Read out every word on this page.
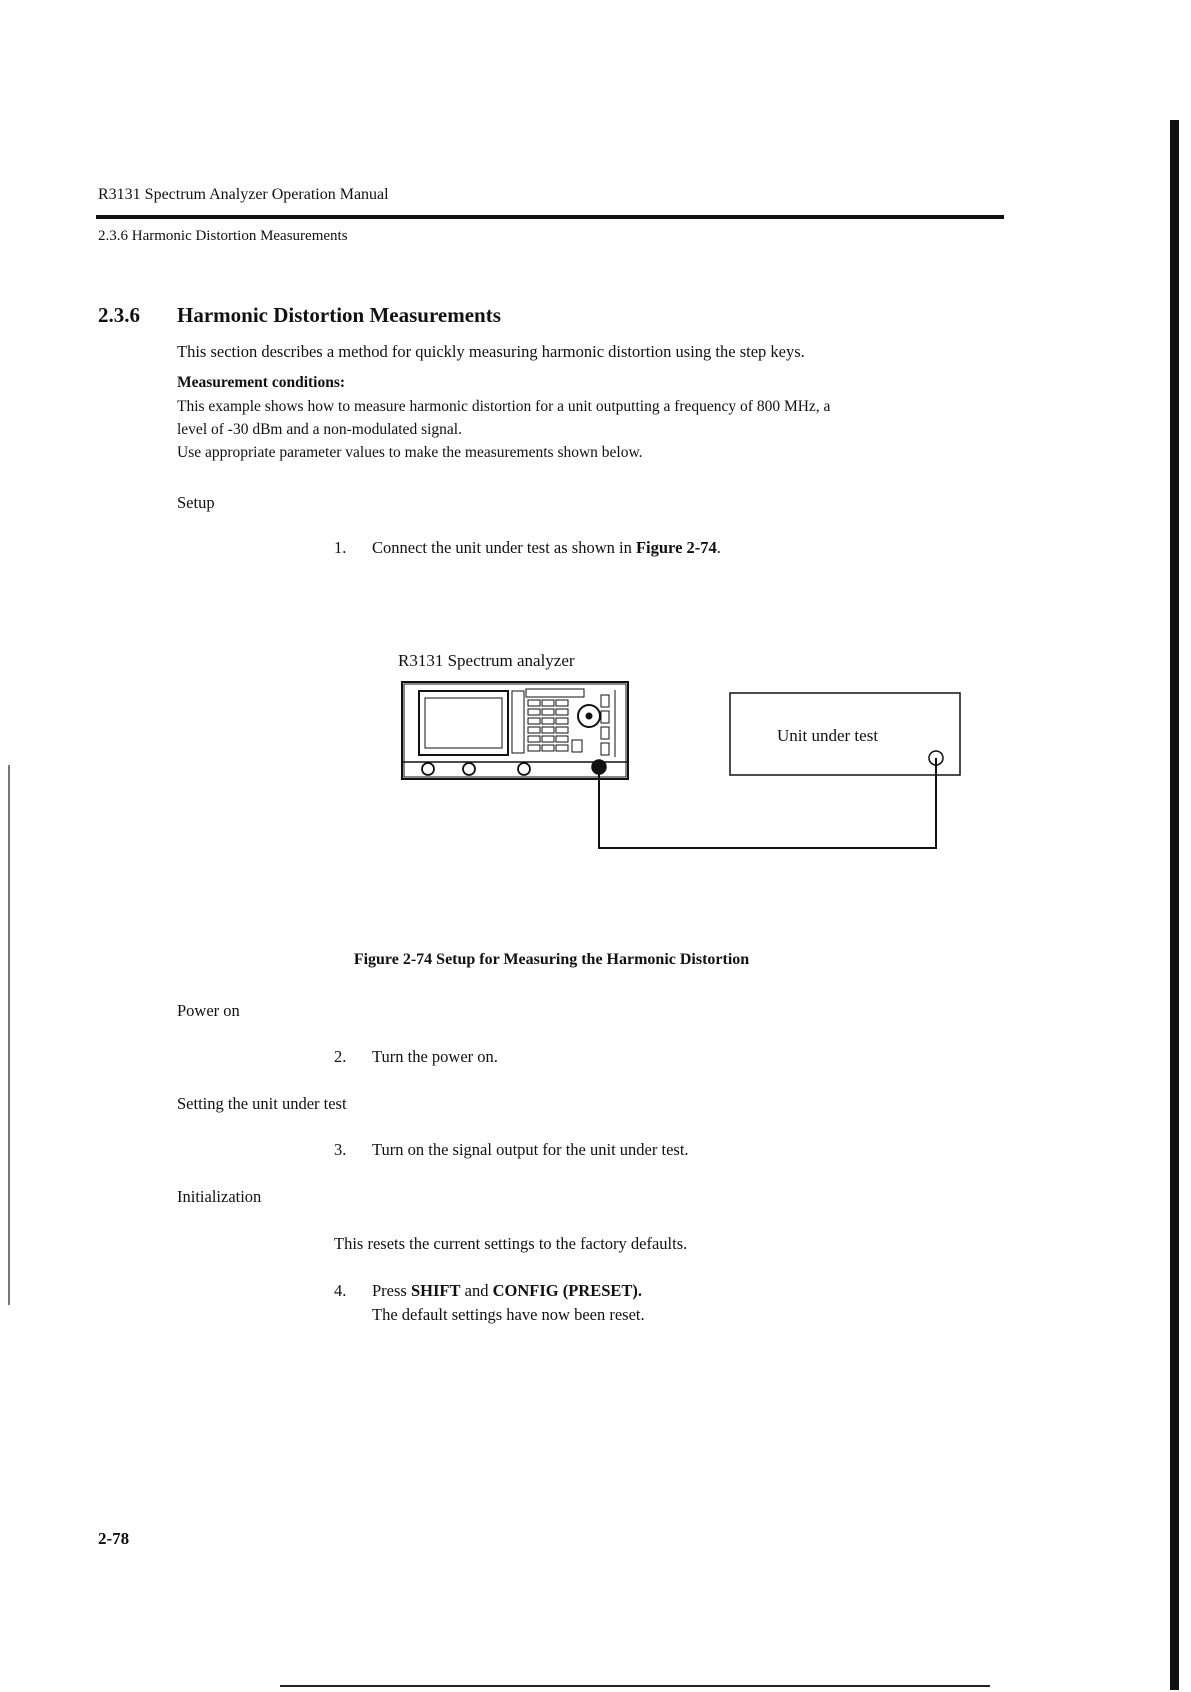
R3131 Spectrum Analyzer Operation Manual
2.3.6 Harmonic Distortion Measurements
2.3.6 Harmonic Distortion Measurements
This section describes a method for quickly measuring harmonic distortion using the step keys.
Measurement conditions:
This example shows how to measure harmonic distortion for a unit outputting a frequency of 800 MHz, a
level of -30 dBm and a non-modulated signal.
Use appropriate parameter values to make the measurements shown below.
Setup
1. Connect the unit under test as shown in Figure 2-74.
R3131 Spectrum analyzer
Unit under test
Figure 2-74 Setup for Measuring the Harmonic Distortion
Power on
2. Turn the power on.
Setting the unit under test
3. Turn on the signal output for the unit under test.
Initialization
This resets the current settings to the factory defaults.
4. Press SHIFT and CONFIG (PRESET).
The default settings have now been reset.
2-78
